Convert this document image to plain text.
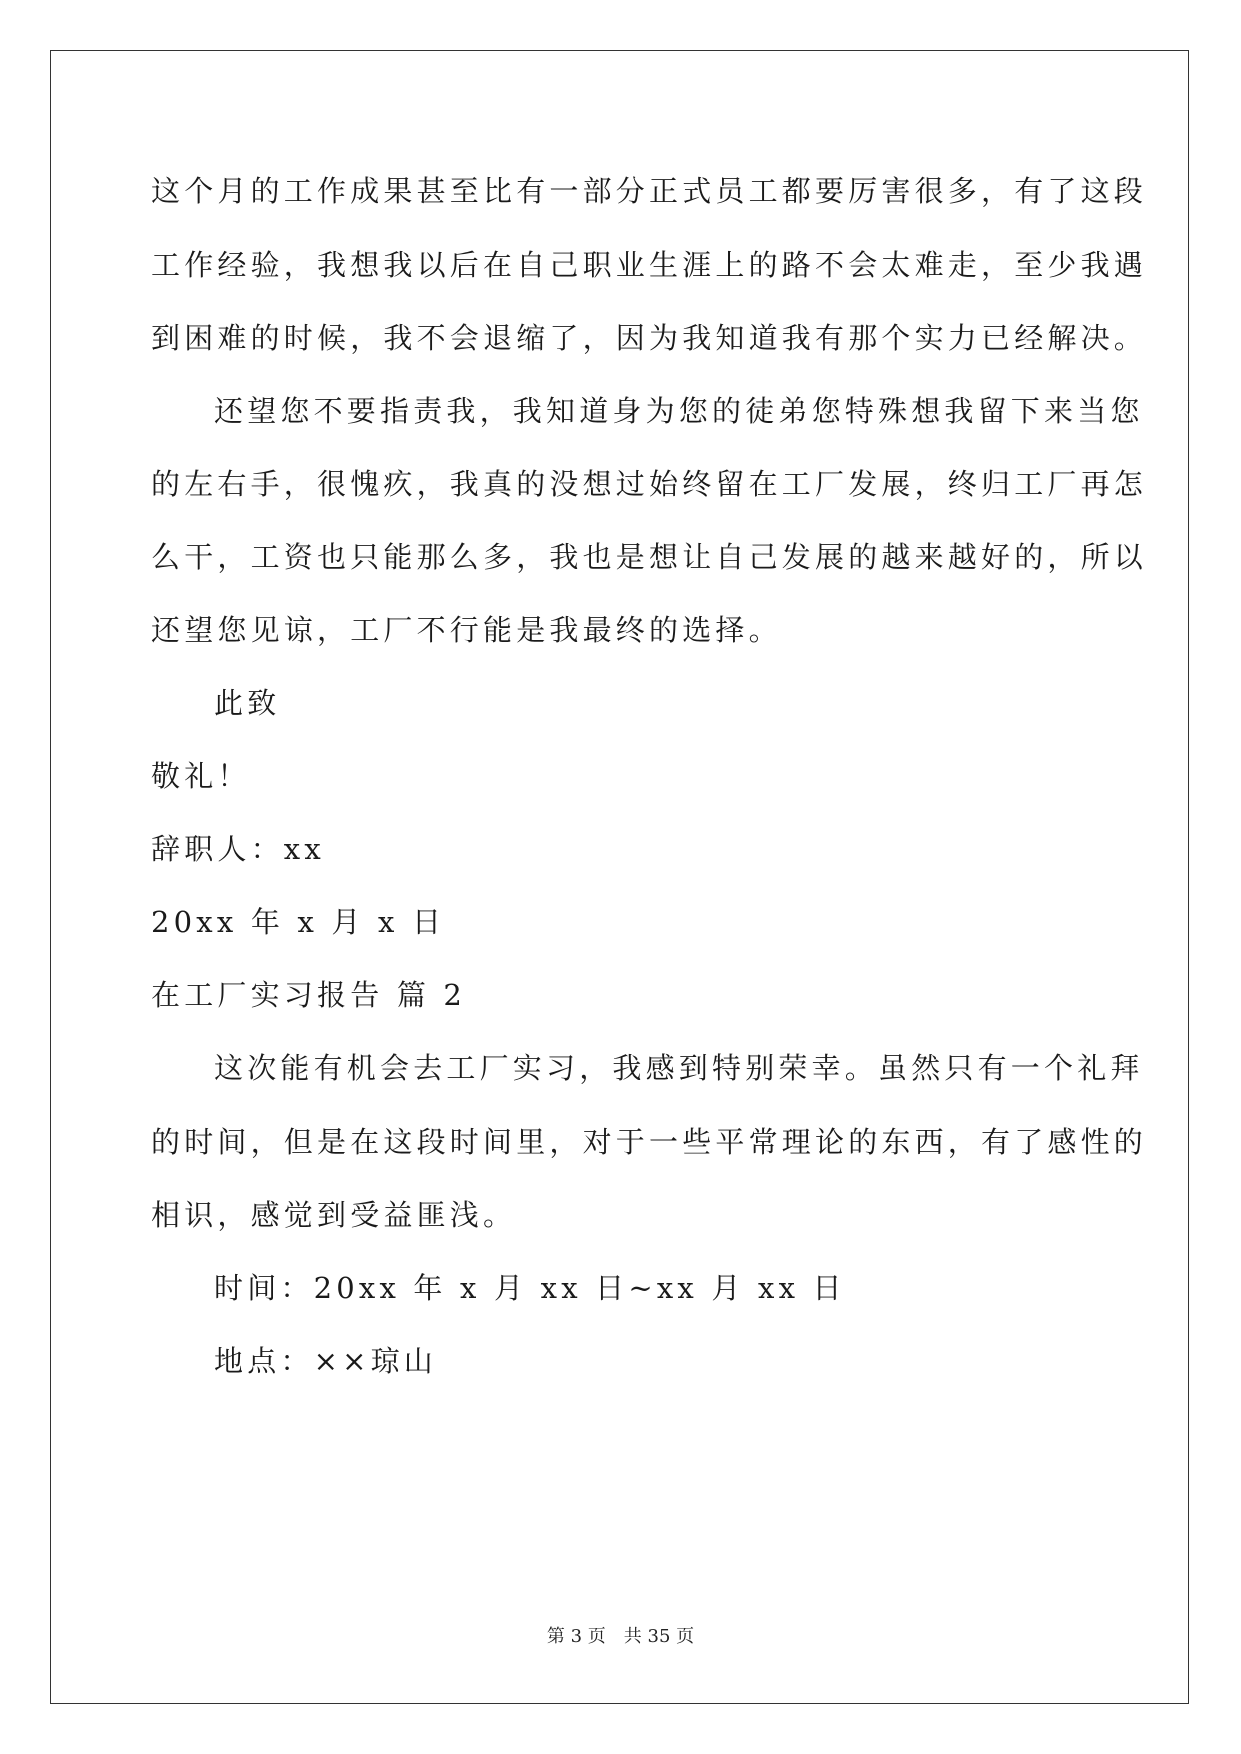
这个月的工作成果甚至比有一部分正式员工都要厉害很多，有了这段
工作经验，我想我以后在自己职业生涯上的路不会太难走，至少我遇
到困难的时候，我不会退缩了，因为我知道我有那个实力已经解决。
还望您不要指责我，我知道身为您的徒弟您特殊想我留下来当您
的左右手，很愧疚，我真的没想过始终留在工厂发展，终归工厂再怎
么干，工资也只能那么多，我也是想让自己发展的越来越好的，所以
还望您见谅，工厂不行能是我最终的选择。
此致
敬礼！
辞职人：xx
20xx 年 x 月 x 日
在工厂实习报告 篇 2
这次能有机会去工厂实习，我感到特别荣幸。虽然只有一个礼拜
的时间，但是在这段时间里，对于一些平常理论的东西，有了感性的
相识，感觉到受益匪浅。
时间：20xx 年 x 月 xx 日~xx 月 xx 日
地点：××琼山
第 3 页 共 35 页
